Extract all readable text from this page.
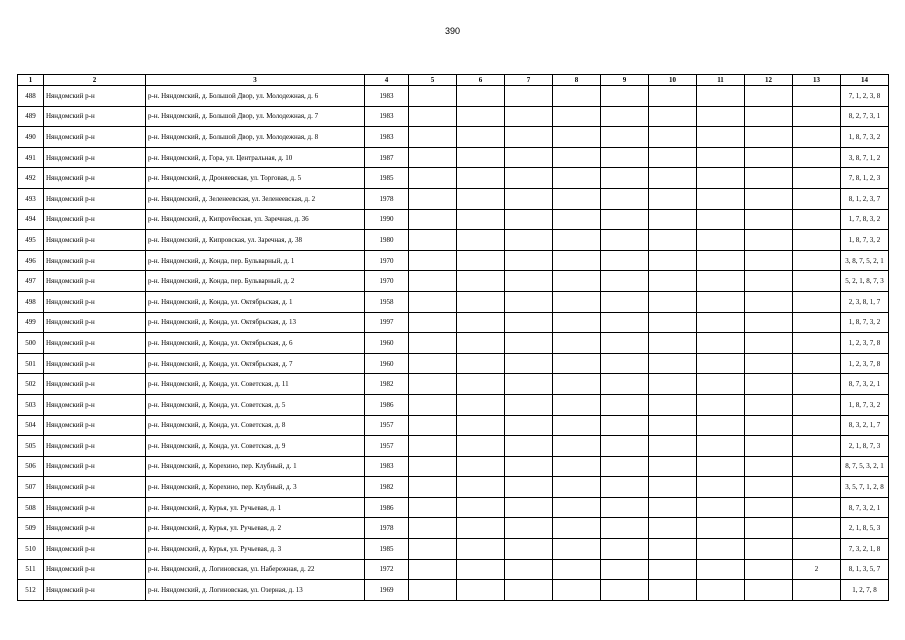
390
1	2	3	4	5	6	7	8	9	10	11	12	13	14
488	Няндомский р-н	р-н. Няндомский, д. Большой Двор, ул. Молодежная, д. 6	1983										7, 1, 2, 3, 8
489	Няндомский р-н	р-н. Няндомский, д. Большой Двор, ул. Молодежная, д. 7	1983										8, 2, 7, 3, 1
490	Няндомский р-н	р-н. Няндомский, д. Большой Двор, ул. Молодежная, д. 8	1983										1, 8, 7, 3, 2
491	Няндомский р-н	р-н. Няндомский, д. Гора, ул. Центральная, д. 10	1987										3, 8, 7, 1, 2
492	Няндомский р-н	р-н. Няндомский, д. Дроняевская, ул. Торговая, д. 5	1985										7, 8, 1, 2, 3
493	Няндомский р-н	р-н. Няндомский, д. Зеленеевская, ул. Зеленеевская, д. 2	1978										8, 1, 2, 3, 7
494	Няндомский р-н	р-н. Няндомский, д. Кипрověвская, ул. Заречная, д. 36	1990										1, 7, 8, 3, 2
495	Няндомский р-н	р-н. Няндомский, д. Кипровская, ул. Заречная, д. 38	1980										1, 8, 7, 3, 2
496	Няндомский р-н	р-н. Няндомский, д. Конда, пер. Бульварный, д. 1	1970										3, 8, 7, 5, 2, 1
497	Няндомский р-н	р-н. Няндомский, д. Конда, пер. Бульварный, д. 2	1970										5, 2, 1, 8, 7, 3
498	Няндомский р-н	р-н. Няндомский, д. Конда, ул. Октябрьская, д. 1	1958										2, 3, 8, 1, 7
499	Няндомский р-н	р-н. Няндомский, д. Конда, ул. Октябрьская, д. 13	1997										1, 8, 7, 3, 2
500	Няндомский р-н	р-н. Няндомский, д. Конда, ул. Октябрьская, д. 6	1960										1, 2, 3, 7, 8
501	Няндомский р-н	р-н. Няндомский, д. Конда, ул. Октябрьская, д. 7	1960										1, 2, 3, 7, 8
502	Няндомский р-н	р-н. Няндомский, д. Конда, ул. Советская, д. 11	1982										8, 7, 3, 2, 1
503	Няндомский р-н	р-н. Няндомский, д. Конда, ул. Советская, д. 5	1986										1, 8, 7, 3, 2
504	Няндомский р-н	р-н. Няндомский, д. Конда, ул. Советская, д. 8	1957										8, 3, 2, 1, 7
505	Няндомский р-н	р-н. Няндомский, д. Конда, ул. Советская, д. 9	1957										2, 1, 8, 7, 3
506	Няндомский р-н	р-н. Няндомский, д. Корехино, пер. Клубный, д. 1	1983										8, 7, 5, 3, 2, 1
507	Няндомский р-н	р-н. Няндомский, д. Корехино, пер. Клубный, д. 3	1982										3, 5, 7, 1, 2, 8
508	Няндомский р-н	р-н. Няндомский, д. Курья, ул. Ручьевая, д. 1	1986										8, 7, 3, 2, 1
509	Няндомский р-н	р-н. Няндомский, д. Курья, ул. Ручьевая, д. 2	1978										2, 1, 8, 5, 3
510	Няндомский р-н	р-н. Няндомский, д. Курья, ул. Ручьевая, д. 3	1985										7, 3, 2, 1, 8
511	Няндомский р-н	р-н. Няндомский, д. Логиновская, ул. Набережная, д. 22	1972									2	8, 1, 3, 5, 7
512	Няндомский р-н	р-н. Няндомский, д. Логиновская, ул. Озерная, д. 13	1969										1, 2, 7, 8
